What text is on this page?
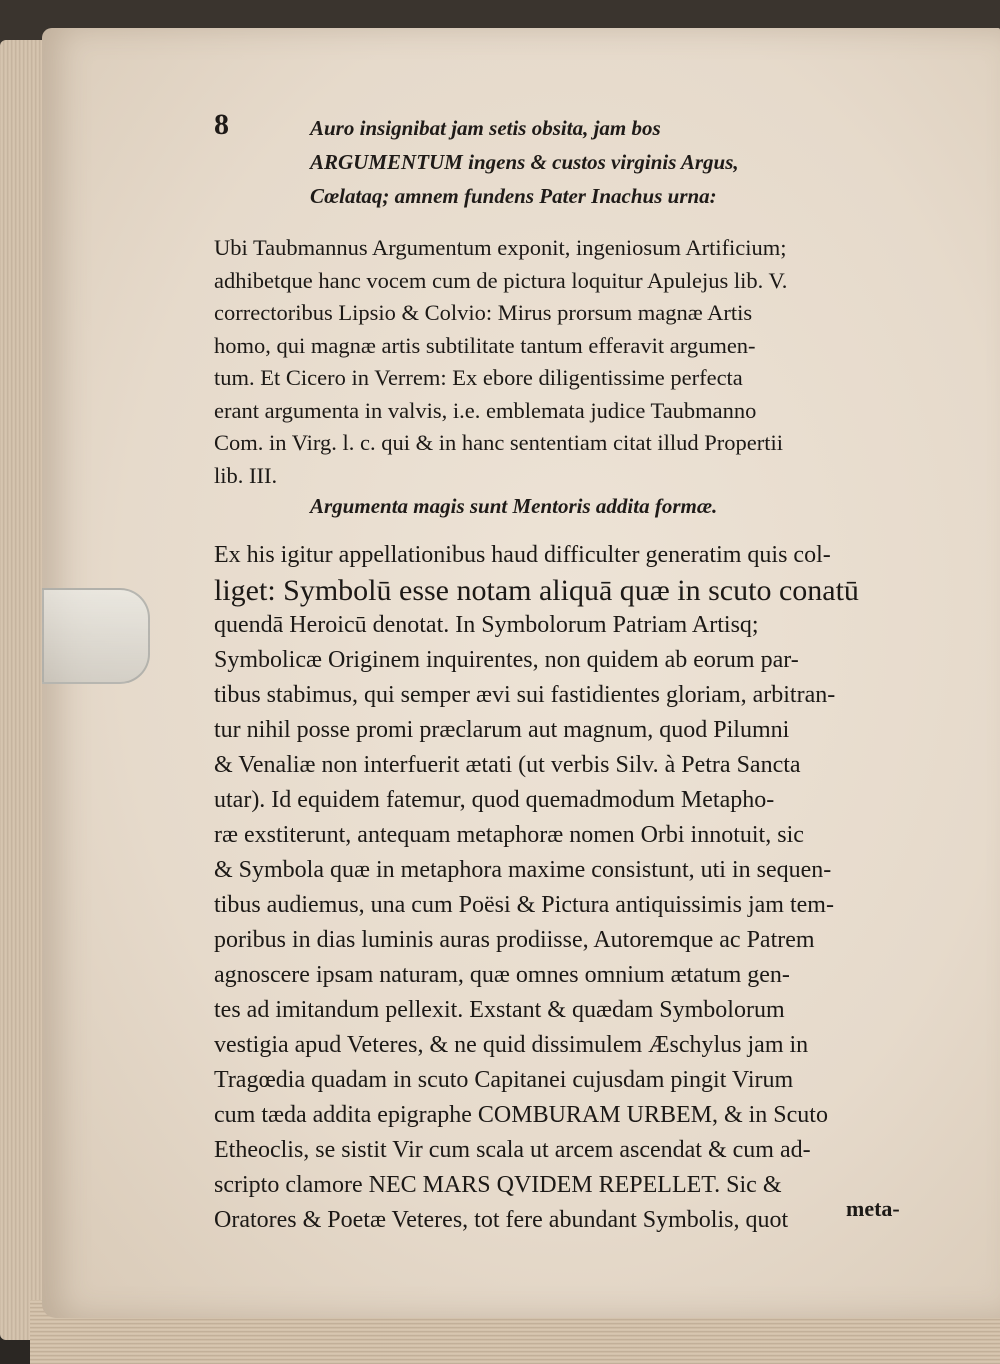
8	Auro insignibat jam setis obsita, jam bos
ARGUMENTUM ingens & custos virginis Argus,
Cœlataq; amnem fundens Pater Inachus urna:
Ubi Taubmannus Argumentum exponit, ingeniosum Artificium;
adhibetque hanc vocem cum de pictura loquitur Apulejus lib. V.
correctoribus Lipsio & Colvio: Mirus prorsum magnæ Artis
homo, qui magnæ artis subtilitate tantum efferavit argumen-
tum. Et Cicero in Verrem: Ex ebore diligentissime perfecta
erant argumenta in valvis, i.e. emblemata judice Taubmanno
Com. in Virg. l. c. qui & in hanc sententiam citat illud Propertii
lib. III.
Argumenta magis sunt Mentoris addita formæ.
Ex his igitur appellationibus haud difficulter generatim quis col-
liget: Symbolū esse notam aliquā quæ in scuto conatū
quendā Heroicū denotat. In Symbolorum Patriam Artisq;
Symbolicæ Originem inquirentes, non quidem ab eorum par-
tibus stabimus, qui semper ævi sui fastidientes gloriam, arbitran-
tur nihil posse promi præclarum aut magnum, quod Pilumni
& Venaliæ non interfuerit ætati (ut verbis Silv. à Petra Sancta
utar). Id equidem fatemur, quod quemadmodum Metapho-
ræ exstiterunt, antequam metaphoræ nomen Orbi innotuit, sic
& Symbola quæ in metaphora maxime consistunt, uti in sequen-
tibus audiemus, una cum Poësi & Pictura antiquissimis jam tem-
poribus in dias luminis auras prodiisse, Autoremque ac Patrem
agnoscere ipsam naturam, quæ omnes omnium ætatum gen-
tes ad imitandum pellexit. Exstant & quædam Symbolorum
vestigia apud Veteres, & ne quid dissimulem Æschylus jam in
Tragœdia quadam in scuto Capitanei cujusdam pingit Virum
cum tæda addita epigraphe COMBURAM URBEM, & in Scuto
Etheoclis, se sistit Vir cum scala ut arcem ascendat & cum ad-
scripto clamore NEC MARS QVIDEM REPELLET. Sic &
Oratores & Poetæ Veteres, tot fere abundant Symbolis, quot	meta-
